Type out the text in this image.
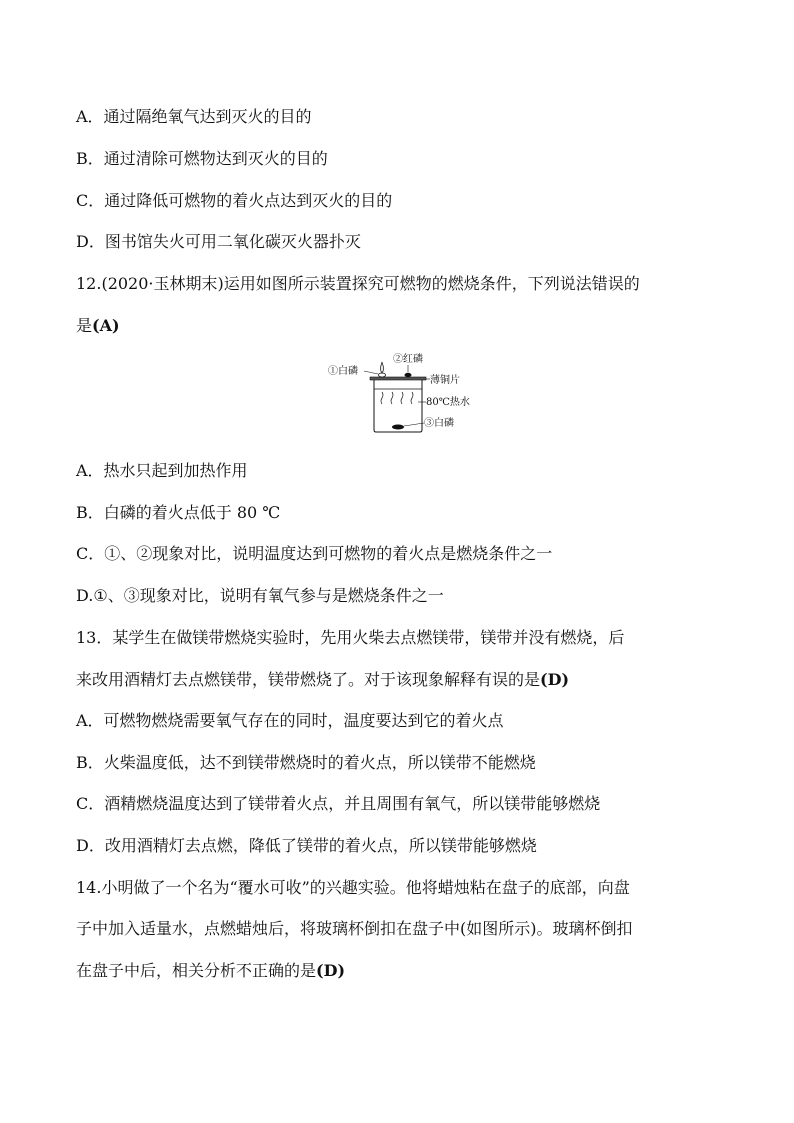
A．通过隔绝氧气达到灭火的目的
B．通过清除可燃物达到灭火的目的
C．通过降低可燃物的着火点达到灭火的目的
D．图书馆失火可用二氧化碳灭火器扑灭
12.(2020·玉林期末)运用如图所示装置探究可燃物的燃烧条件，下列说法错误的
是(A)
①白磷
②红磷
薄铜片
80℃热水
③白磷
A．热水只起到加热作用
B．白磷的着火点低于 80 ℃
C．①、②现象对比，说明温度达到可燃物的着火点是燃烧条件之一
D.①、③现象对比，说明有氧气参与是燃烧条件之一
13．某学生在做镁带燃烧实验时，先用火柴去点燃镁带，镁带并没有燃烧，后
来改用酒精灯去点燃镁带，镁带燃烧了。对于该现象解释有误的是(D)
A．可燃物燃烧需要氧气存在的同时，温度要达到它的着火点
B．火柴温度低，达不到镁带燃烧时的着火点，所以镁带不能燃烧
C．酒精燃烧温度达到了镁带着火点，并且周围有氧气，所以镁带能够燃烧
D．改用酒精灯去点燃，降低了镁带的着火点，所以镁带能够燃烧
14.小明做了一个名为“覆水可收”的兴趣实验。他将蜡烛粘在盘子的底部，向盘
子中加入适量水，点燃蜡烛后，将玻璃杯倒扣在盘子中(如图所示)。玻璃杯倒扣
在盘子中后，相关分析不正确的是(D)
